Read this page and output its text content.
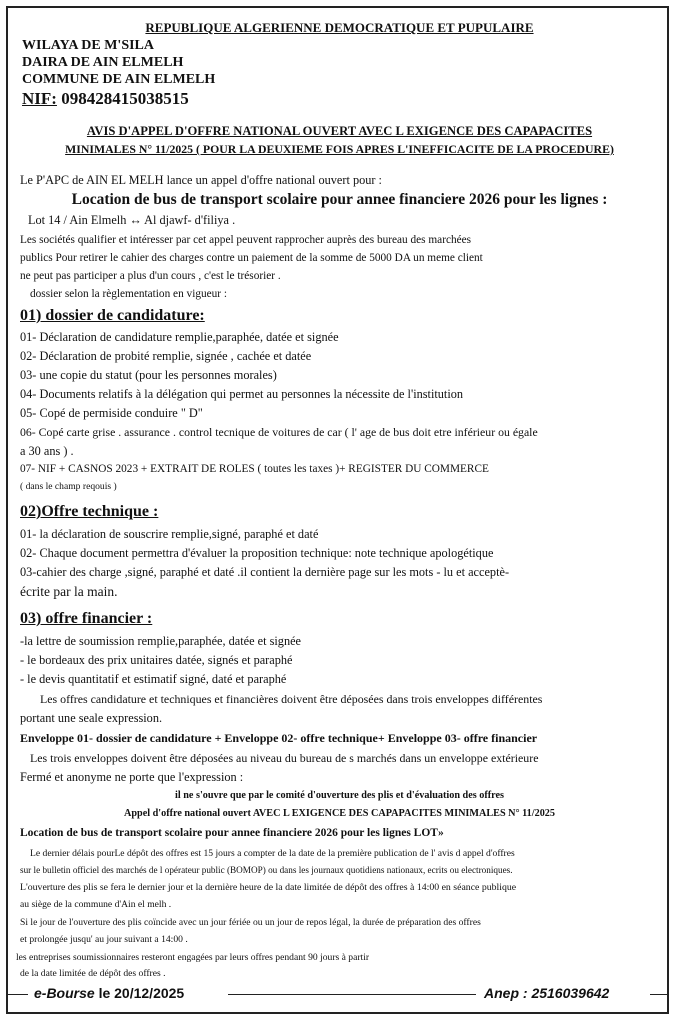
REPUBLIQUE ALGERIENNE DEMOCRATIQUE ET PUPULAIRE
WILAYA DE M'SILA
DAIRA DE AIN ELMELH
COMMUNE DE AIN ELMELH
NIF: 098428415038515
AVIS D'APPEL D'OFFRE NATIONAL OUVERT AVEC L EXIGENCE DES CAPAPACITES
MINIMALES N° 11/2025 ( POUR LA DEUXIEME FOIS APRES L'INEFFICACITE DE LA PROCEDURE)
Le P'APC de AIN EL MELH lance un appel d'offre national ouvert pour :
Location de bus de transport scolaire pour annee financiere 2026 pour les lignes :
Lot 14 / Ain Elmelh ↔ Al djawf- d'filiya .
Les sociétés qualifier et intéresser par cet appel peuvent rapprocher auprès des bureau des marchées
publics Pour retirer le cahier des charges contre un paiement de la somme de 5000 DA un meme client
ne peut pas participer a plus d'un cours , c'est le trésorier .
dossier selon la règlementation en vigueur :
01) dossier de candidature:
01- Déclaration de candidature remplie,paraphée, datée et signée
02- Déclaration de probité remplie, signée , cachée et datée
03- une copie du statut (pour les personnes morales)
04- Documents relatifs à la délégation qui permet au personnes la nécessite de l'institution
05- Copé de permiside conduire " D"
06- Copé carte grise . assurance . control tecnique de voitures de car ( l' age de bus doit etre inférieur ou égale
a 30 ans ) .
07- NIF + CASNOS 2023 + EXTRAIT DE ROLES ( toutes les taxes )+ REGISTER DU COMMERCE
( dans le champ reqouis )
02)Offre technique :
01- la déclaration de souscrire remplie,signé, paraphé et daté
02- Chaque document permettra d'évaluer la proposition technique: note technique apologétique
03-cahier des charge ,signé, paraphé et daté .il contient la dernière page sur les mots - lu et acceptè-
écrite par la main.
03) offre financier :
-la lettre de soumission remplie,paraphée, datée et signée
- le bordeaux des prix unitaires datée, signés et paraphé
- le devis quantitatif et estimatif signé, daté et paraphé
Les offres candidature et techniques et financières doivent être déposées dans trois enveloppes différentes
portant une seale expression.
Enveloppe 01- dossier de candidature + Enveloppe 02- offre technique+ Enveloppe 03- offre financier
Les trois enveloppes doivent être déposées au niveau du bureau de s marchés dans un enveloppe extérieure
Fermé et anonyme ne porte que l'expression :
il ne s'ouvre que par le comité d'ouverture des plis et d'évaluation des offres
Appel d'offre national ouvert AVEC L EXIGENCE DES CAPAPACITES MINIMALES N° 11/2025
Location de bus de transport scolaire pour annee financiere 2026 pour les lignes LOT»
Le dernier délais pourLe dépôt des offres est 15 jours a compter de la date de la première publication de l' avis d appel d'offres
sur le bulletin officiel des marchés de l opérateur public (BOMOP) ou dans les journaux quotidiens nationaux, ecrits ou electroniques.
L'ouverture des plis se fera le dernier jour et la dernière heure de la date limitée de dépôt des offres à 14:00 en séance publique
au siège de la commune d'Ain el melh .
Si le jour de l'ouverture des plis coïncide avec un jour fériée ou un jour de repos légal, la durée de préparation des offres
et prolongée jusqu' au jour suivant a 14:00 .
les entreprises soumissionnaires resteront engagées par leurs offres pendant 90 jours à partir
de la date limitée de dépôt des offres .
e-Bourse le 20/12/2025	Anep : 2516039642
